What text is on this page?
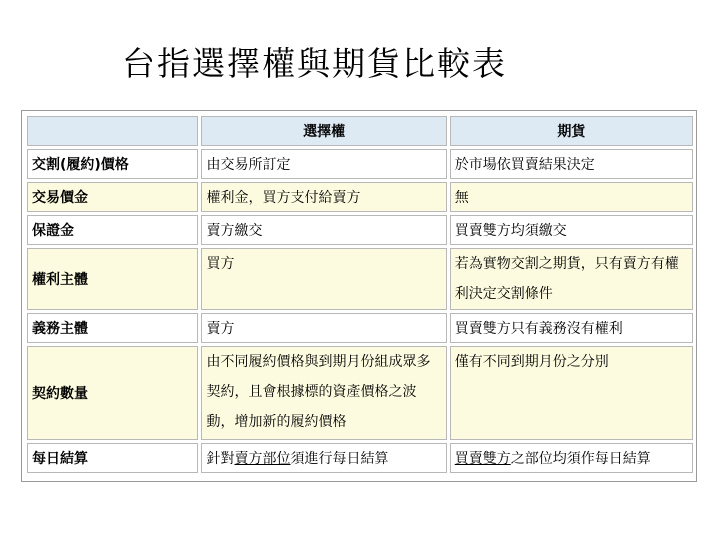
台指選擇權與期貨比較表
	選擇權	期貨
交割(履約)價格	由交易所訂定	於市場依買賣結果決定
交易價金	權利金，買方支付給賣方	無
保證金	賣方繳交	買賣雙方均須繳交
權利主體	買方	若為實物交割之期貨，只有賣方有權利決定交割條件
義務主體	賣方	買賣雙方只有義務沒有權利
契約數量	由不同履約價格與到期月份組成眾多契約，且會根據標的資產價格之波動，增加新的履約價格	僅有不同到期月份之分別
每日結算	針對賣方部位須進行每日結算	買賣雙方之部位均須作每日結算
